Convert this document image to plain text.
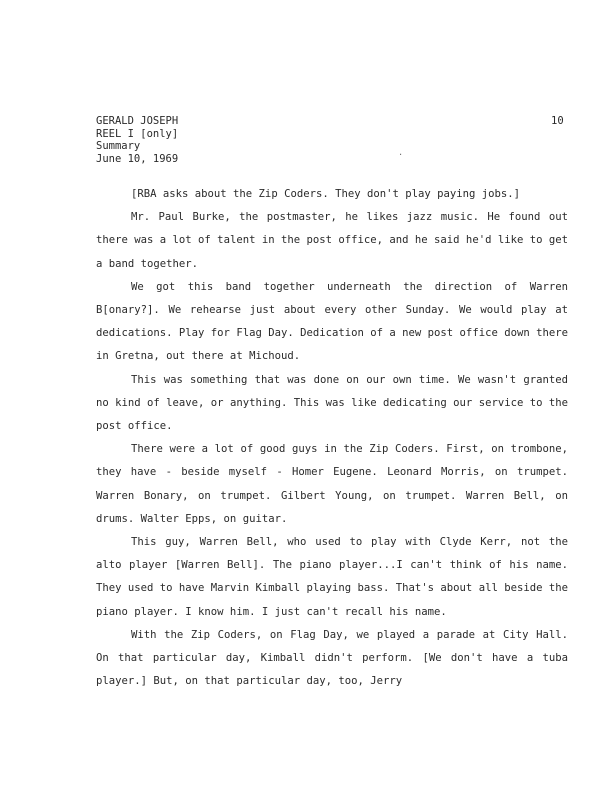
GERALD JOSEPH
REEL I [only]
Summary
June 10, 1969
10
‧

[RBA asks about the Zip Coders. They don't play paying jobs.]

Mr. Paul Burke, the postmaster, he likes jazz music. He found out there was a lot of talent in the post office, and he said he'd like to get a band together.

We got this band together underneath the direction of Warren B[onary?]. We rehearse just about every other Sunday. We would play at dedications. Play for Flag Day. Dedication of a new post office down there in Gretna, out there at Michoud.

This was something that was done on our own time. We wasn't granted no kind of leave, or anything. This was like dedicating our service to the post office.

There were a lot of good guys in the Zip Coders. First, on trombone, they have - beside myself - Homer Eugene. Leonard Morris, on trumpet. Warren Bonary, on trumpet. Gilbert Young, on trumpet. Warren Bell, on drums. Walter Epps, on guitar.

This guy, Warren Bell, who used to play with Clyde Kerr, not the alto player [Warren Bell]. The piano player...I can't think of his name. They used to have Marvin Kimball playing bass. That's about all beside the piano player. I know him. I just can't recall his name.

With the Zip Coders, on Flag Day, we played a parade at City Hall. On that particular day, Kimball didn't perform. [We don't have a tuba player.] But, on that particular day, too, Jerry
